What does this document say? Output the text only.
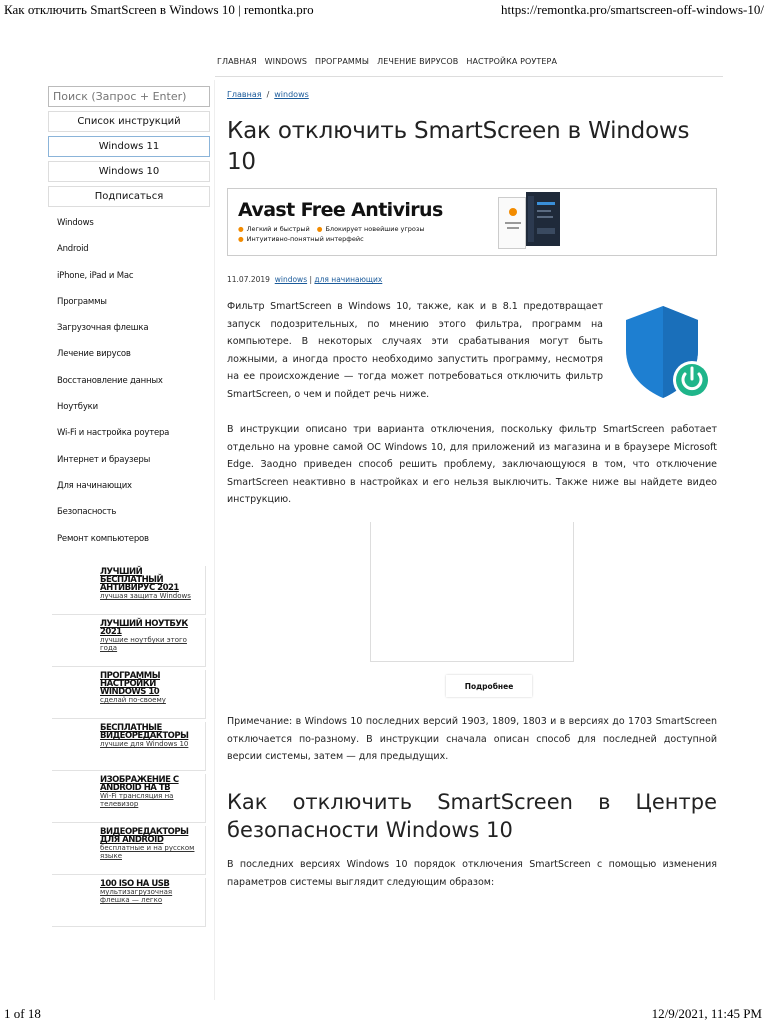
Как отключить SmartScreen в Windows 10 | remontka.pro	https://remontka.pro/smartscreen-off-windows-10/
1 of 18	12/9/2021, 11:45 PM
ГЛАВНАЯ WINDOWS ПРОГРАММЫ ЛЕЧЕНИЕ ВИРУСОВ НАСТРОЙКА РОУТЕРА
Поиск (Запрос + Enter)
Список инструкций
Windows 11
Windows 10
Подписаться
Windows
Android
iPhone, iPad и Mac
Программы
Загрузочная флешка
Лечение вирусов
Восстановление данных
Ноутбуки
Wi-Fi и настройка роутера
Интернет и браузеры
Для начинающих
Безопасность
Ремонт компьютеров
ЛУЧШИЙ БЕСПЛАТНЫЙ АНТИВИРУС 2021
лучшая защита Windows
ЛУЧШИЙ НОУТБУК 2021
лучшие ноутбуки этого года
ПРОГРАММЫ НАСТРОЙКИ WINDOWS 10
сделай по-своему
БЕСПЛАТНЫЕ ВИДЕОРЕДАКТОРЫ
лучшие для Windows 10
ИЗОБРАЖЕНИЕ С ANDROID НА ТВ
Wi-Fi трансляция на телевизор
ВИДЕОРЕДАКТОРЫ ДЛЯ ANDROID
бесплатные и на русском языке
100 ISO НА USB
мультизагрузочная флешка — легко
Главная / windows
Как отключить SmartScreen в Windows 10
Avast Free Antivirus
● Легкий и быстрый ● Блокирует новейшие угрозы
● Интуитивно-понятный интерфейс
11.07.2019 windows | для начинающих

Фильтр SmartScreen в Windows 10, также, как и в 8.1 предотвращает запуск подозрительных, по мнению этого фильтра, программ на компьютере. В некоторых случаях эти срабатывания могут быть ложными, а иногда просто необходимо запустить программу, несмотря на ее происхождение — тогда может потребоваться отключить фильтр SmartScreen, о чем и пойдет речь ниже.

В инструкции описано три варианта отключения, поскольку фильтр SmartScreen работает отдельно на уровне самой ОС Windows 10, для приложений из магазина и в браузере Microsoft Edge. Заодно приведен способ решить проблему, заключающуюся в том, что отключение SmartScreen неактивно в настройках и его нельзя выключить. Также ниже вы найдете видео инструкцию.

Подробнее

Примечание: в Windows 10 последних версий 1903, 1809, 1803 и в версиях до 1703 SmartScreen отключается по-разному. В инструкции сначала описан способ для последней доступной версии системы, затем — для предыдущих.

Как отключить SmartScreen в Центре безопасности Windows 10

В последних версиях Windows 10 порядок отключения SmartScreen с помощью изменения параметров системы выглядит следующим образом:
